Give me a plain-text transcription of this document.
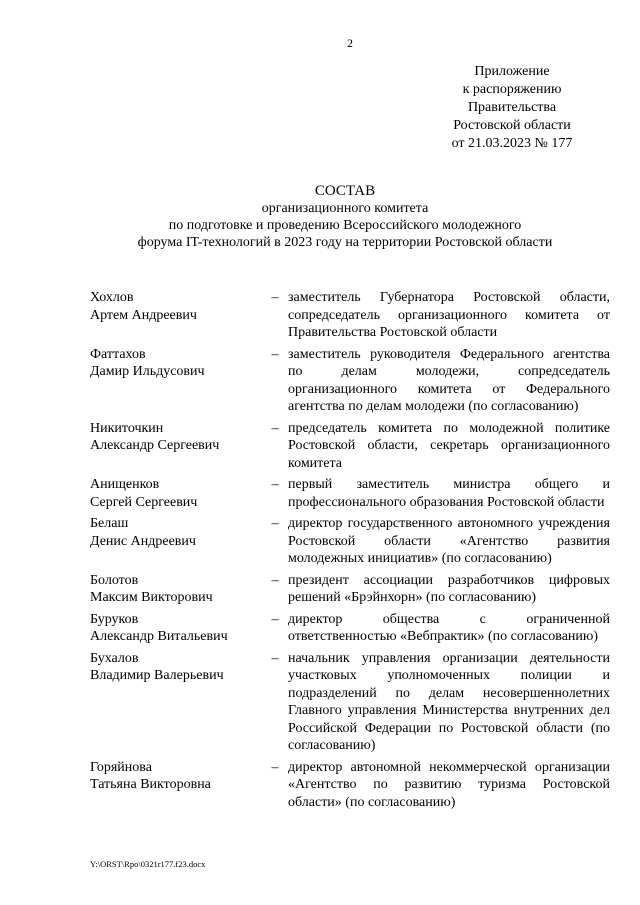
2
Приложение
к распоряжению
Правительства
Ростовской области
от 21.03.2023 № 177
СОСТАВ
организационного комитета
по подготовке и проведению Всероссийского молодежного
форума IT-технологий в 2023 году на территории Ростовской области
Хохлов
Артем Андреевич
– заместитель Губернатора Ростовской области, сопредседатель организационного комитета от Правительства Ростовской области
Фаттахов
Дамир Ильдусович
– заместитель руководителя Федерального агентства по делам молодежи, сопредседатель организационного комитета от Федерального агентства по делам молодежи (по согласованию)
Никиточкин
Александр Сергеевич
– председатель комитета по молодежной политике Ростовской области, секретарь организационного комитета
Анищенков
Сергей Сергеевич
– первый заместитель министра общего и профессионального образования Ростовской области
Белаш
Денис Андреевич
– директор государственного автономного учреждения Ростовской области «Агентство развития молодежных инициатив» (по согласованию)
Болотов
Максим Викторович
– президент ассоциации разработчиков цифровых решений «Брэйнхорн» (по согласованию)
Буруков
Александр Витальевич
– директор общества с ограниченной ответственностью «Вебпрактик» (по согласованию)
Бухалов
Владимир Валерьевич
– начальник управления организации деятельности участковых уполномоченных полиции и подразделений по делам несовершеннолетних Главного управления Министерства внутренних дел Российской Федерации по Ростовской области (по согласованию)
Горяйнова
Татьяна Викторовна
– директор автономной некоммерческой организации «Агентство по развитию туризма Ростовской области» (по согласованию)
Y:\ORST\Rpo\0321r177.f23.docx
